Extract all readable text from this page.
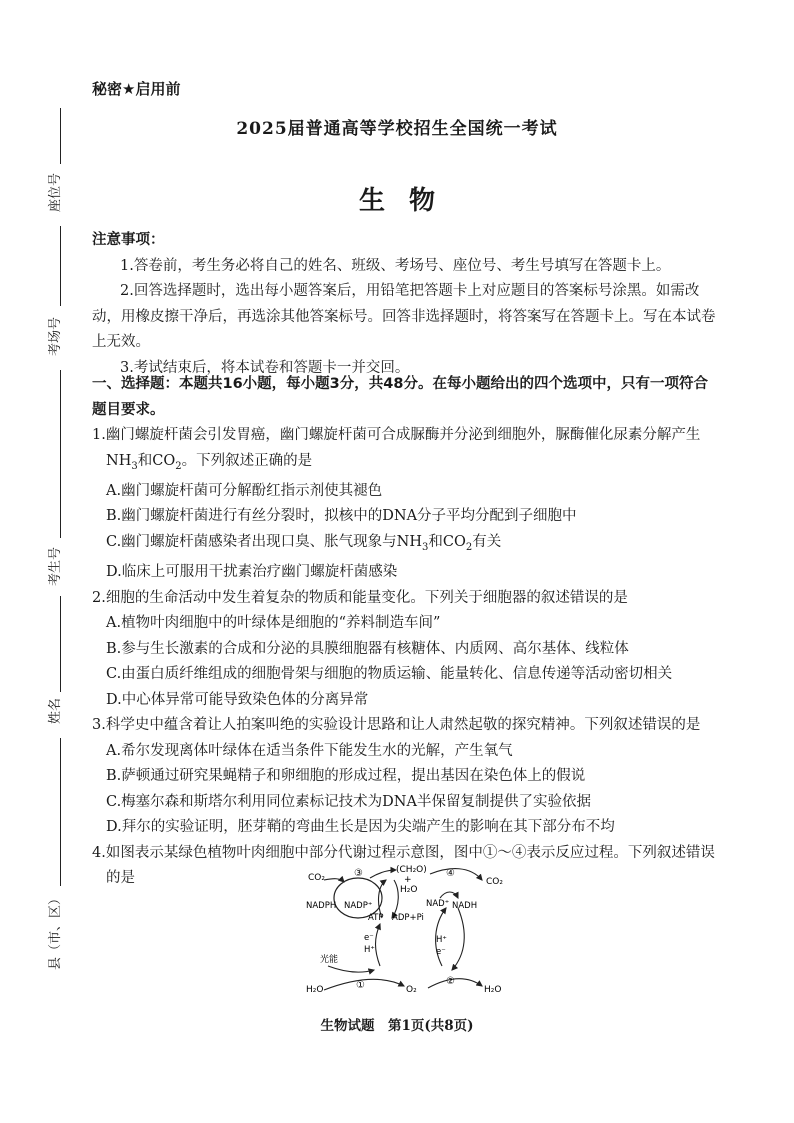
座位号
考场号
考生号
姓名
县（市、区）
秘密★启用前
2025届普通高等学校招生全国统一考试
生物

注意事项：

1.答卷前，考生务必将自己的姓名、班级、考场号、座位号、考生号填写在答题卡上。

2.回答选择题时，选出每小题答案后，用铅笔把答题卡上对应题目的答案标号涂黑。如需改动，用橡皮擦干净后，再选涂其他答案标号。回答非选择题时，将答案写在答题卡上。写在本试卷上无效。

3.考试结束后，将本试卷和答题卡一并交回。

一、选择题：本题共16小题，每小题3分，共48分。在每小题给出的四个选项中，只有一项符合题目要求。

1.幽门螺旋杆菌会引发胃癌，幽门螺旋杆菌可合成脲酶并分泌到细胞外，脲酶催化尿素分解产生$NH_3$和$CO_2$。下列叙述正确的是

A.幽门螺旋杆菌可分解酚红指示剂使其褪色

B.幽门螺旋杆菌进行有丝分裂时，拟核中的DNA分子平均分配到子细胞中

C.幽门螺旋杆菌感染者出现口臭、胀气现象与$NH_3$和$CO_2$有关

D.临床上可服用干扰素治疗幽门螺旋杆菌感染

2.细胞的生命活动中发生着复杂的物质和能量变化。下列关于细胞器的叙述错误的是

A.植物叶肉细胞中的叶绿体是细胞的“养料制造车间”

B.参与生长激素的合成和分泌的具膜细胞器有核糖体、内质网、高尔基体、线粒体

C.由蛋白质纤维组成的细胞骨架与细胞的物质运输、能量转化、信息传递等活动密切相关

D.中心体异常可能导致染色体的分离异常

3.科学史中蕴含着让人拍案叫绝的实验设计思路和让人肃然起敬的探究精神。下列叙述错误的是

A.希尔发现离体叶绿体在适当条件下能发生水的光解，产生氧气

B.萨顿通过研究果蝇精子和卵细胞的形成过程，提出基因在染色体上的假说

C.梅塞尔森和斯塔尔利用同位素标记技术为DNA半保留复制提供了实验依据

D.拜尔的实验证明，胚芽鞘的弯曲生长是因为尖端产生的影响在其下部分布不均

4.如图表示某绿色植物叶肉细胞中部分代谢过程示意图，图中①～④表示反应过程。下列叙述错误的是	CO₂	③	(CH₂O)
+
H₂O
④
CO₂
NADPH NADP⁺
ATP ADP+Pi
NAD⁺ NADH
e⁻
H⁺
H⁺
e⁻
光能
H₂O	①	O₂
②
H₂O
生物试题　第1页(共8页)
